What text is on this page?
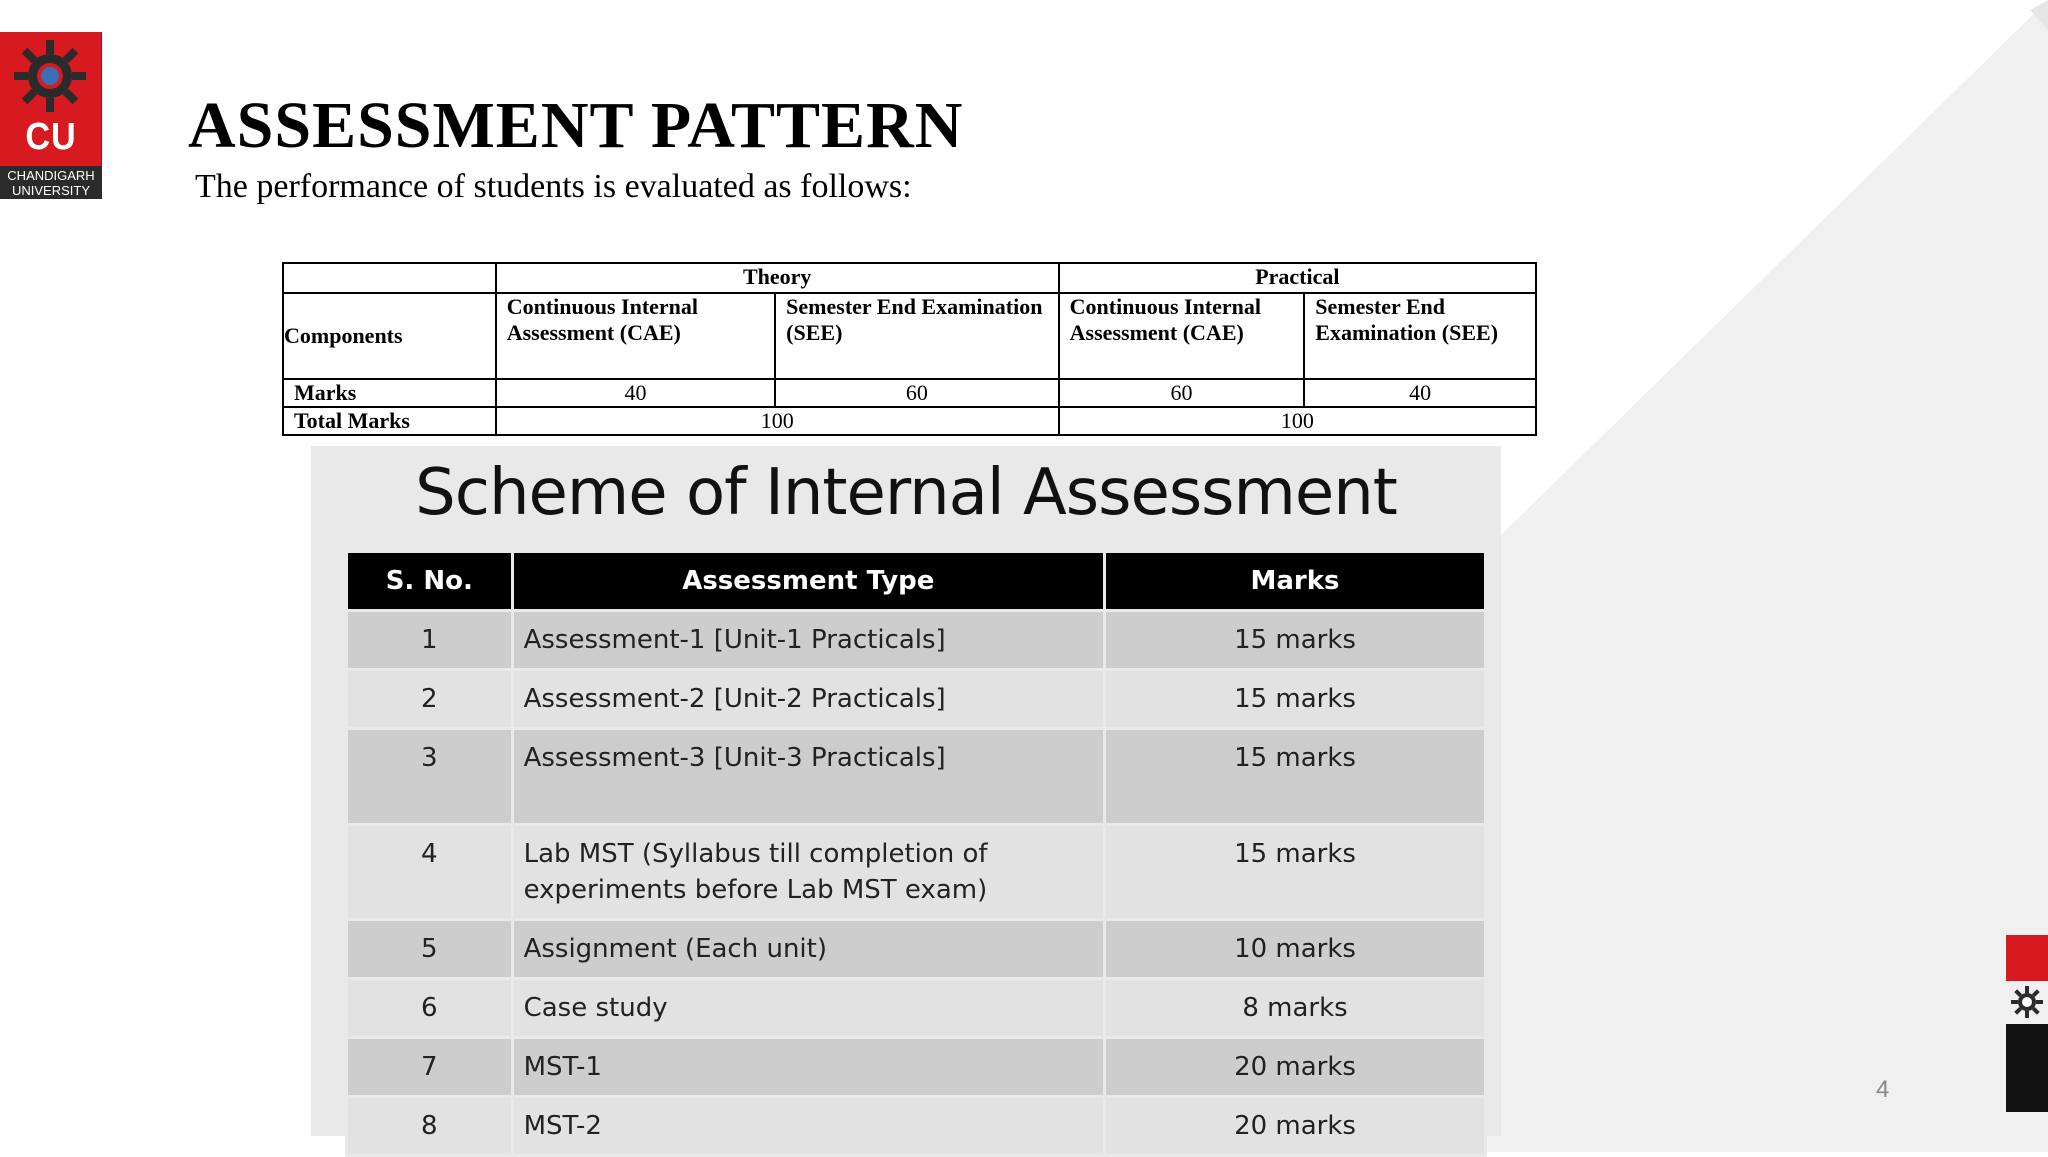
CU
CHANDIGARH
UNIVERSITY
ASSESSMENT PATTERN

The performance of students is evaluated as follows:

	Theory		Practical	
Components	Continuous Internal Assessment (CAE)	Semester End Examination (SEE)	Continuous Internal Assessment (CAE)	Semester End Examination (SEE)
Marks	40	60	60	40
Total Marks	100		100	
Scheme of Internal Assessment
S. No.	Assessment Type	Marks
1	Assessment-1 [Unit-1 Practicals]	15 marks
2	Assessment-2 [Unit-2 Practicals]	15 marks
3	Assessment-3 [Unit-3 Practicals]	15 marks
4	Lab MST (Syllabus till completion of experiments before Lab MST exam)	15 marks
5	Assignment (Each unit)	10 marks
6	Case study	8 marks
7	MST-1	20 marks
8	MST-2	20 marks
4
